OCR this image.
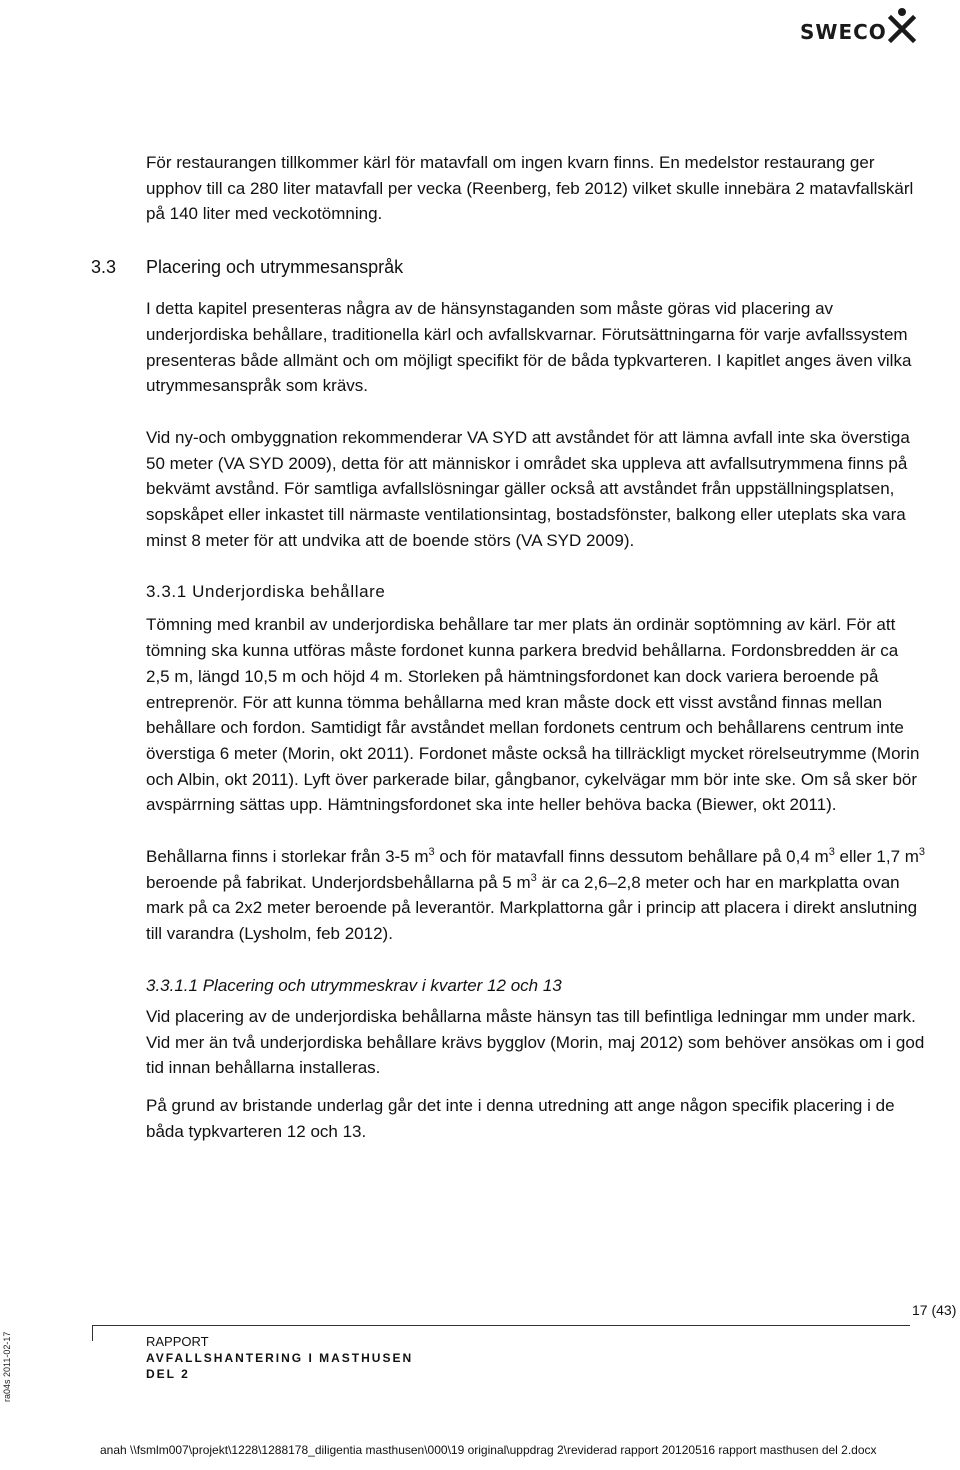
SWECO

För restaurangen tillkommer kärl för matavfall om ingen kvarn finns. En medelstor restaurang ger upphov till ca 280 liter matavfall per vecka (Reenberg, feb 2012) vilket skulle innebära 2 matavfallskärl på 140 liter med veckotömning.

3.3 Placering och utrymmesanspråk

I detta kapitel presenteras några av de hänsynstaganden som måste göras vid placering av underjordiska behållare, traditionella kärl och avfallskvarnar. Förutsättningarna för varje avfallssystem presenteras både allmänt och om möjligt specifikt för de båda typkvarteren. I kapitlet anges även vilka utrymmesanspråk som krävs.

Vid ny-och ombyggnation rekommenderar VA SYD att avståndet för att lämna avfall inte ska överstiga 50 meter (VA SYD 2009), detta för att människor i området ska uppleva att avfallsutrymmena finns på bekvämt avstånd. För samtliga avfallslösningar gäller också att avståndet från uppställningsplatsen, sopskåpet eller inkastet till närmaste ventilationsintag, bostadsfönster, balkong eller uteplats ska vara minst 8 meter för att undvika att de boende störs (VA SYD 2009).

3.3.1 Underjordiska behållare

Tömning med kranbil av underjordiska behållare tar mer plats än ordinär soptömning av kärl. För att tömning ska kunna utföras måste fordonet kunna parkera bredvid behållarna. Fordonsbredden är ca 2,5 m, längd 10,5 m och höjd 4 m. Storleken på hämtningsfordonet kan dock variera beroende på entreprenör. För att kunna tömma behållarna med kran måste dock ett visst avstånd finnas mellan behållare och fordon. Samtidigt får avståndet mellan fordonets centrum och behållarens centrum inte överstiga 6 meter (Morin, okt 2011). Fordonet måste också ha tillräckligt mycket rörelseutrymme (Morin och Albin, okt 2011). Lyft över parkerade bilar, gångbanor, cykelvägar mm bör inte ske. Om så sker bör avspärrning sättas upp. Hämtningsfordonet ska inte heller behöva backa (Biewer, okt 2011).

Behållarna finns i storlekar från 3-5 $m^3$ och för matavfall finns dessutom behållare på 0,4 $m^3$ eller 1,7 $m^3$ beroende på fabrikat. Underjordsbehållarna på 5 $m^3$ är ca 2,6–2,8 meter och har en markplatta ovan mark på ca 2x2 meter beroende på leverantör. Markplattorna går i princip att placera i direkt anslutning till varandra (Lysholm, feb 2012).

3.3.1.1 Placering och utrymmeskrav i kvarter 12 och 13

Vid placering av de underjordiska behållarna måste hänsyn tas till befintliga ledningar mm under mark. Vid mer än två underjordiska behållare krävs bygglov (Morin, maj 2012) som behöver ansökas om i god tid innan behållarna installeras.

På grund av bristande underlag går det inte i denna utredning att ange någon specifik placering i de båda typkvarteren 12 och 13.

ra04s 2011-02-17
17 (43)
RAPPORT
AVFALLSHANTERING I MASTHUSEN
DEL 2
anah \\fsmlm007\projekt\1228\1288178_diligentia masthusen\000\19 original\uppdrag 2\reviderad rapport 20120516 rapport masthusen del 2.docx
